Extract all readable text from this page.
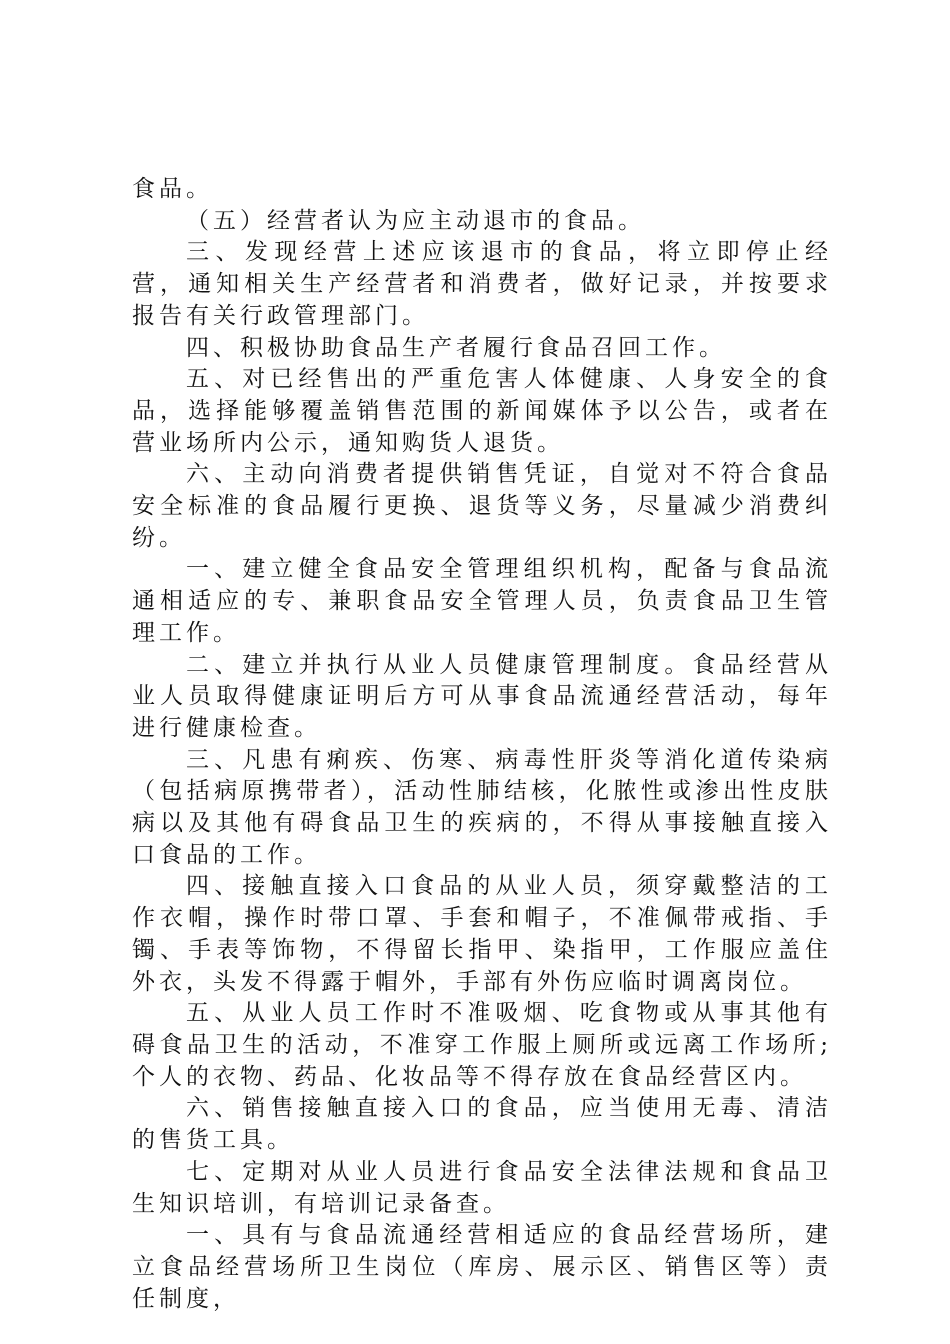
食品。

（五）经营者认为应主动退市的食品。

三、发现经营上述应该退市的食品，将立即停止经营，通知相关生产经营者和消费者，做好记录，并按要求报告有关行政管理部门。

四、积极协助食品生产者履行食品召回工作。

五、对已经售出的严重危害人体健康、人身安全的食品，选择能够覆盖销售范围的新闻媒体予以公告，或者在营业场所内公示，通知购货人退货。

六、主动向消费者提供销售凭证，自觉对不符合食品安全标准的食品履行更换、退货等义务，尽量减少消费纠纷。

一、建立健全食品安全管理组织机构，配备与食品流通相适应的专、兼职食品安全管理人员，负责食品卫生管理工作。

二、建立并执行从业人员健康管理制度。食品经营从业人员取得健康证明后方可从事食品流通经营活动，每年进行健康检查。

三、凡患有痢疾、伤寒、病毒性肝炎等消化道传染病（包括病原携带者），活动性肺结核，化脓性或渗出性皮肤病以及其他有碍食品卫生的疾病的，不得从事接触直接入口食品的工作。

四、接触直接入口食品的从业人员，须穿戴整洁的工作衣帽，操作时带口罩、手套和帽子，不准佩带戒指、手镯、手表等饰物，不得留长指甲、染指甲，工作服应盖住外衣，头发不得露于帽外，手部有外伤应临时调离岗位。

五、从业人员工作时不准吸烟、吃食物或从事其他有碍食品卫生的活动，不准穿工作服上厕所或远离工作场所;个人的衣物、药品、化妆品等不得存放在食品经营区内。

六、销售接触直接入口的食品，应当使用无毒、清洁的售货工具。

七、定期对从业人员进行食品安全法律法规和食品卫生知识培训，有培训记录备查。

一、具有与食品流通经营相适应的食品经营场所，建立食品经营场所卫生岗位（库房、展示区、销售区等）责任制度，
